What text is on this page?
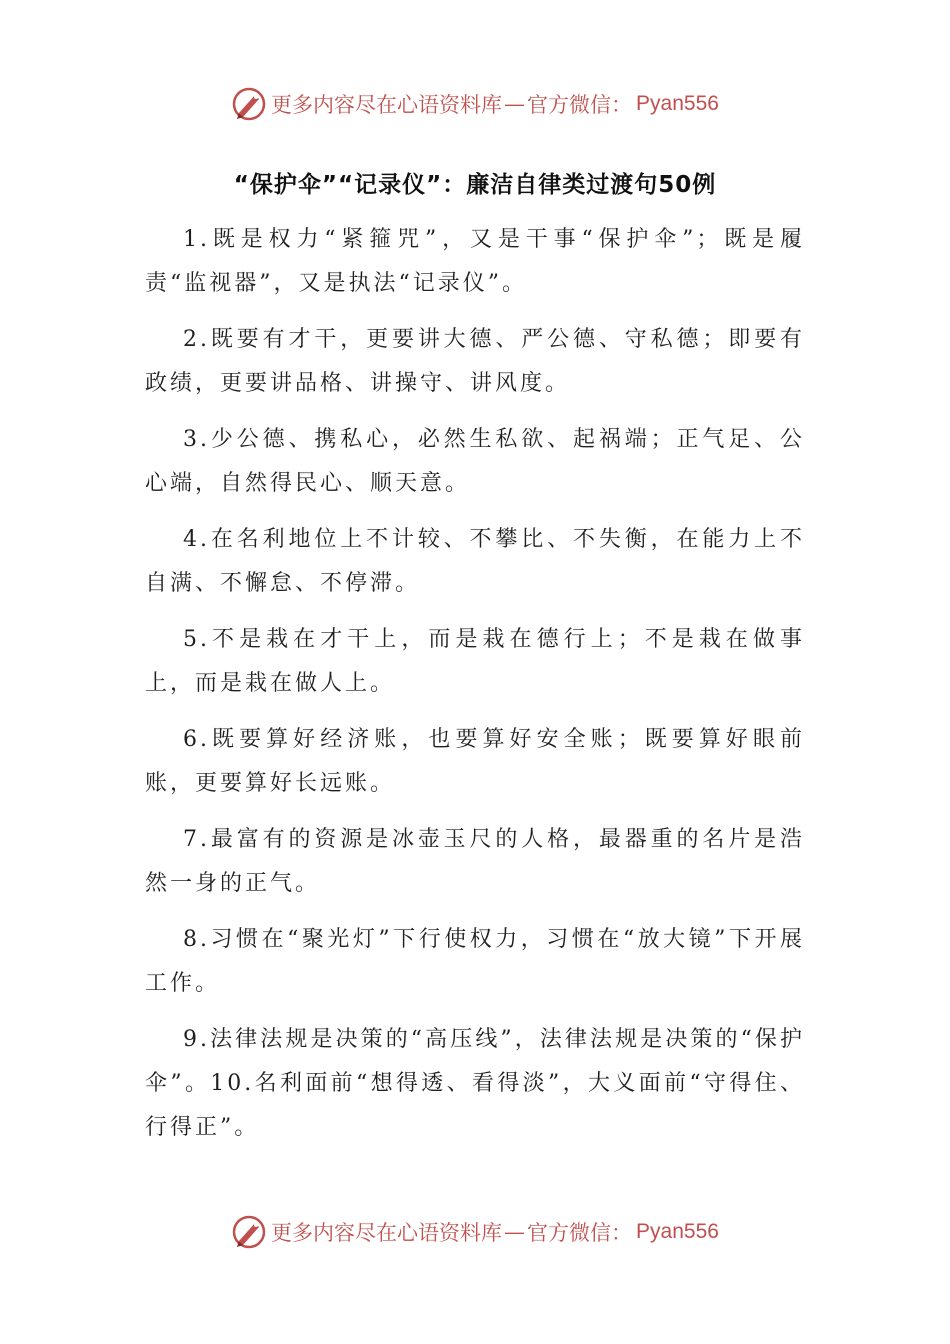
更多内容尽在心语资料库 — 官方微信： Pyan556
“保护伞”“记录仪”：廉洁自律类过渡句50例

1.既是权力“紧箍咒”，又是干事“保护伞”；既是履责“监视器”，又是执法“记录仪”。

2.既要有才干，更要讲大德、严公德、守私德；即要有政绩，更要讲品格、讲操守、讲风度。

3.少公德、携私心，必然生私欲、起祸端；正气足、公心端，自然得民心、顺天意。

4.在名利地位上不计较、不攀比、不失衡，在能力上不自满、不懈怠、不停滞。

5.不是栽在才干上，而是栽在德行上；不是栽在做事上，而是栽在做人上。

6.既要算好经济账，也要算好安全账；既要算好眼前账，更要算好长远账。

7.最富有的资源是冰壶玉尺的人格，最器重的名片是浩然一身的正气。

8.习惯在“聚光灯”下行使权力，习惯在“放大镜”下开展工作。

9.法律法规是决策的“高压线”，法律法规是决策的“保护伞”。10.名利面前“想得透、看得淡”，大义面前“守得住、行得正”。

更多内容尽在心语资料库 — 官方微信： Pyan556
